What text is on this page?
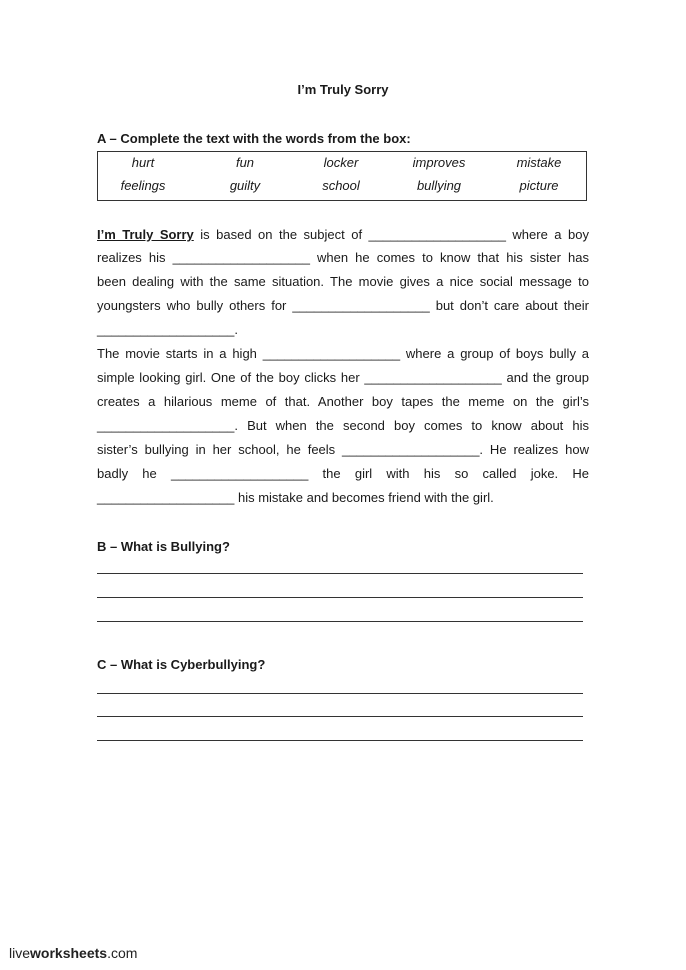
I’m Truly Sorry
A – Complete the text with the words from the box:
hurt	fun	locker	improves	mistake
feelings	guilty	school	bullying	picture
I’m Truly Sorry is based on the subject of ___________________ where a boy
realizes his ___________________ when he comes to know that his sister has
been dealing with the same situation. The movie gives a nice social message to
youngsters who bully others for ___________________ but don’t care about their
___________________.
The movie starts in a high ___________________ where a group of boys bully a
simple looking girl. One of the boy clicks her ___________________ and the group
creates a hilarious meme of that. Another boy tapes the meme on the girl’s
___________________. But when the second boy comes to know about his
sister’s bullying in her school, he feels ___________________. He realizes how
badly he ___________________ the girl with his so called joke. He
___________________ his mistake and becomes friend with the girl.
B – What is Bullying?
C – What is Cyberbullying?
liveworksheets.com
